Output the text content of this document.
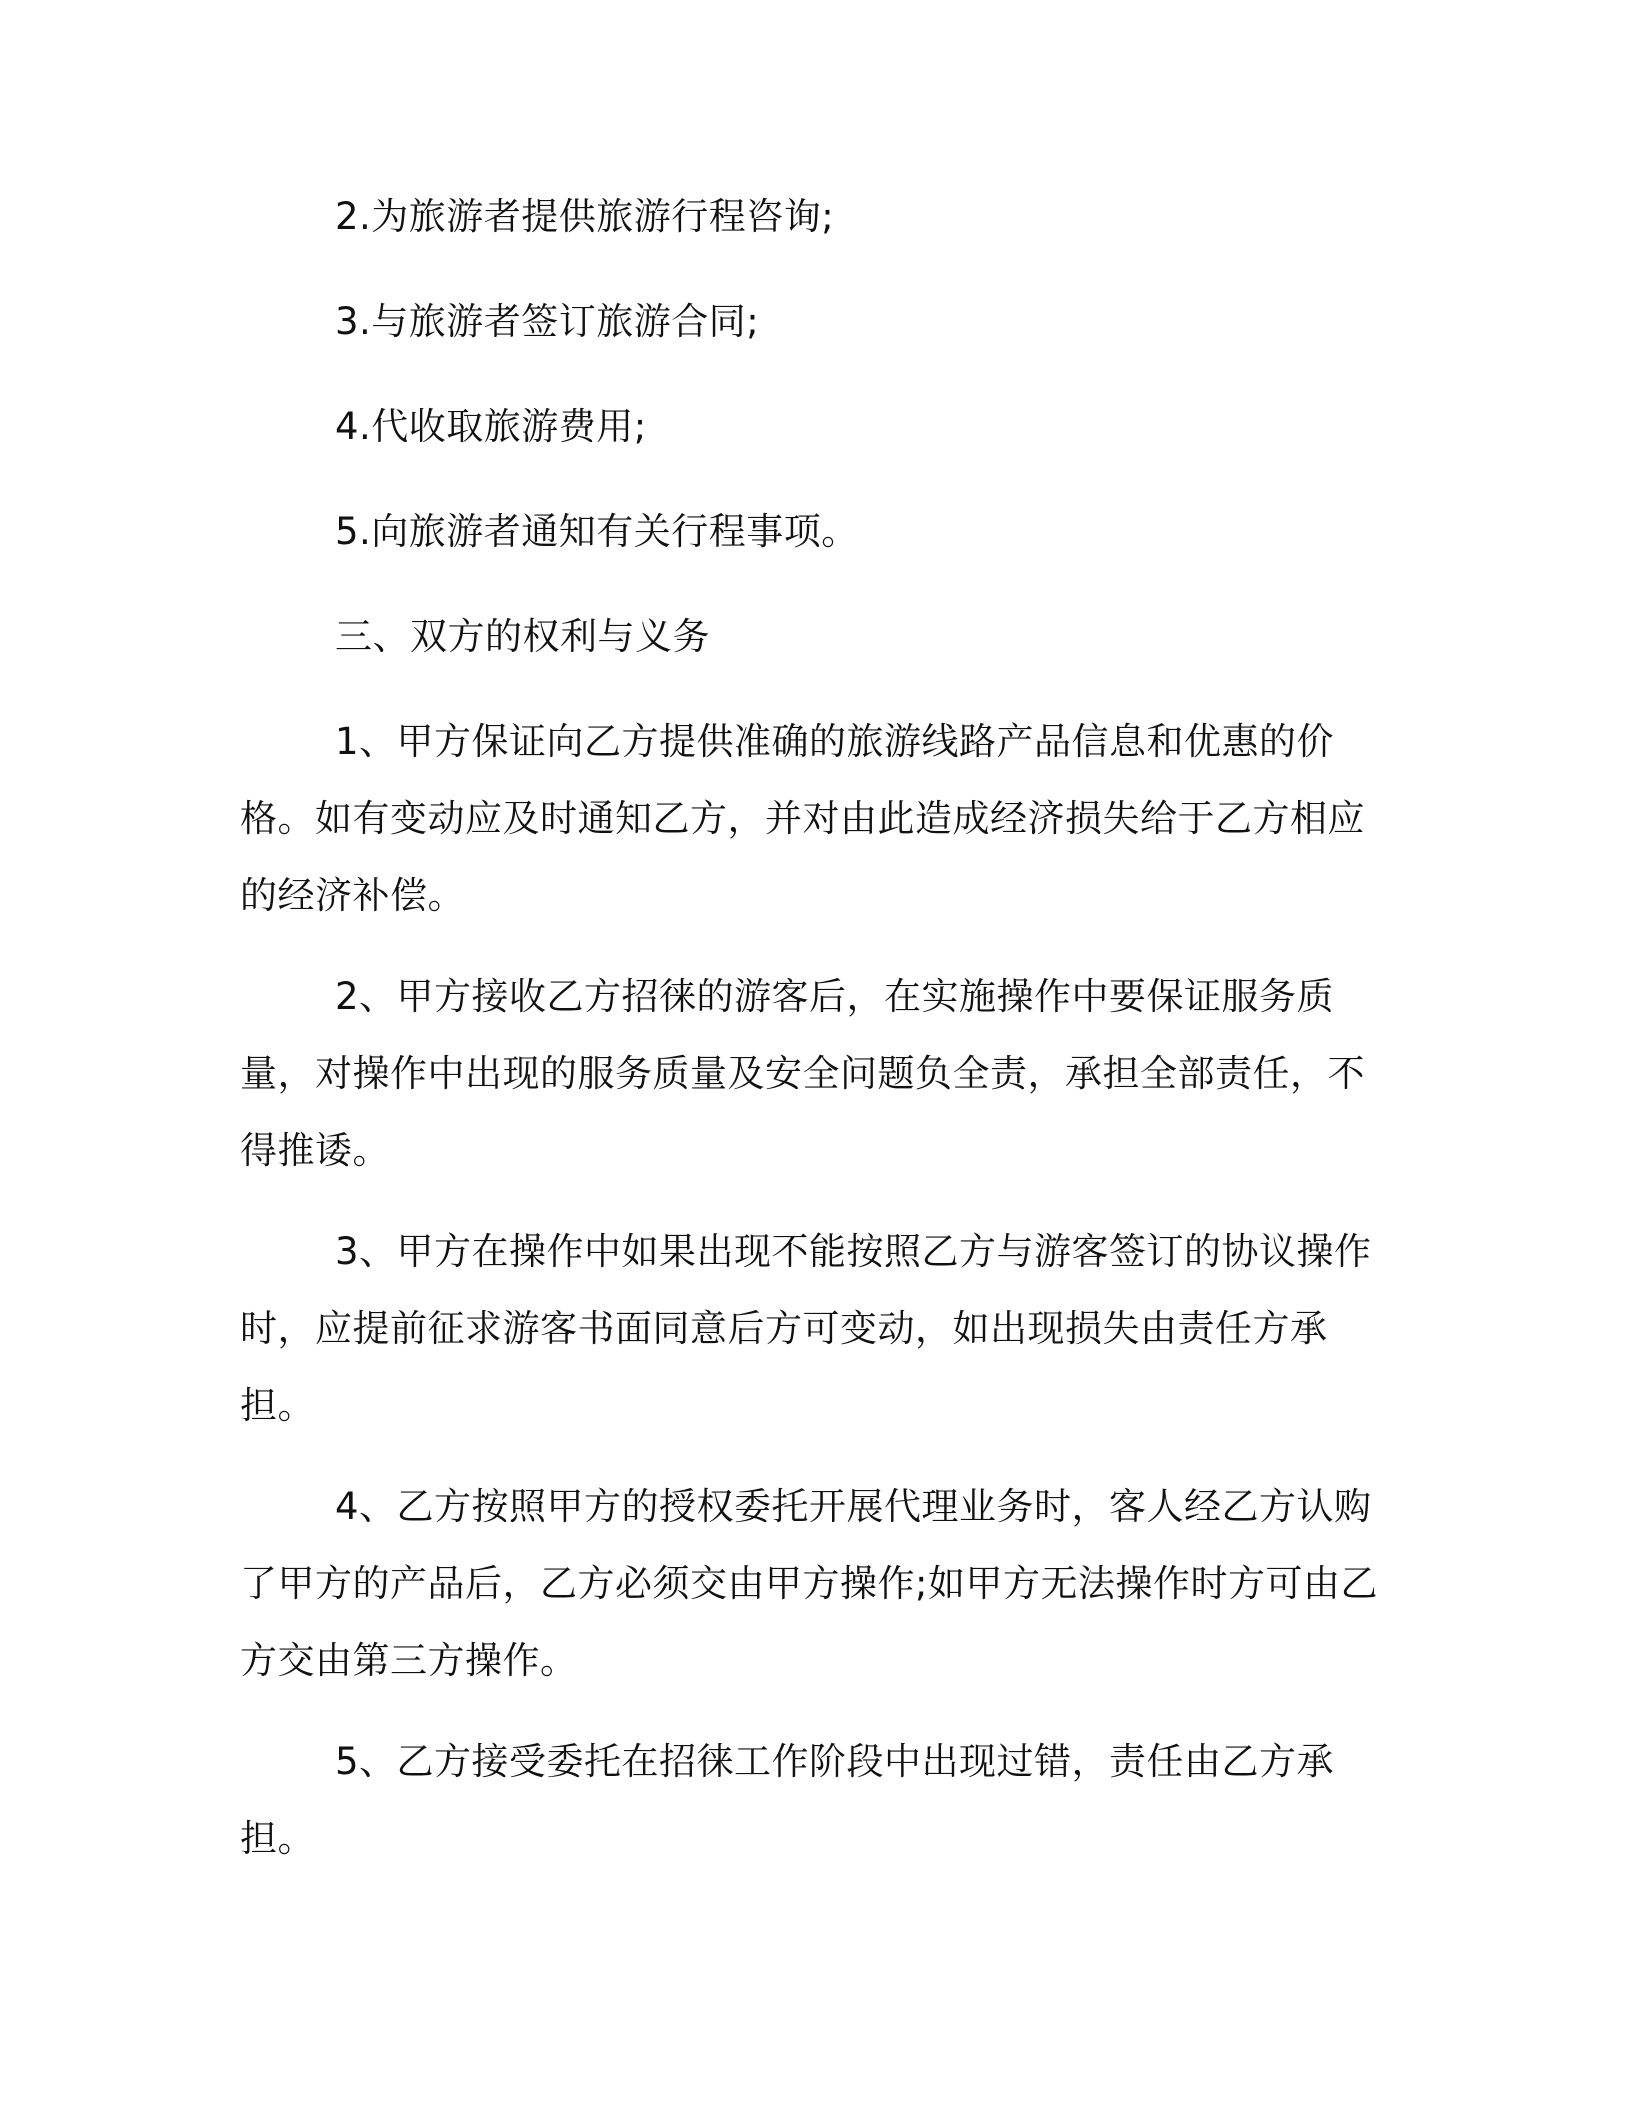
2.为旅游者提供旅游行程咨询;
3.与旅游者签订旅游合同;
4.代收取旅游费用;
5.向旅游者通知有关行程事项。
三、双方的权利与义务

1、甲方保证向乙方提供准确的旅游线路产品信息和优惠的价格。如有变动应及时通知乙方，并对由此造成经济损失给于乙方相应的经济补偿。

2、甲方接收乙方招徕的游客后，在实施操作中要保证服务质量，对操作中出现的服务质量及安全问题负全责，承担全部责任，不得推诿。

3、甲方在操作中如果出现不能按照乙方与游客签订的协议操作时，应提前征求游客书面同意后方可变动，如出现损失由责任方承担。

4、乙方按照甲方的授权委托开展代理业务时，客人经乙方认购了甲方的产品后，乙方必须交由甲方操作;如甲方无法操作时方可由乙方交由第三方操作。

5、乙方接受委托在招徕工作阶段中出现过错，责任由乙方承担。
